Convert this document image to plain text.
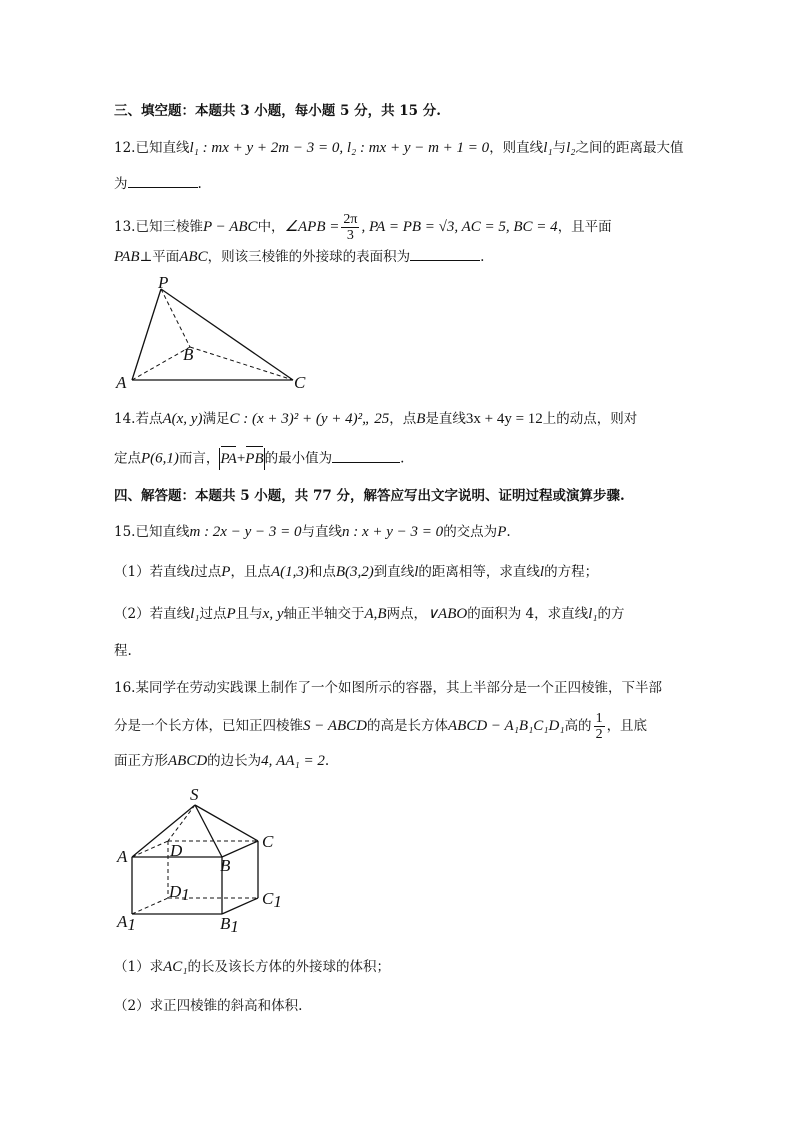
三、填空题：本题共 3 小题，每小题 5 分，共 15 分.
12.已知直线l₁ : mx + y + 2m − 3 = 0, l₂ : mx + y − m + 1 = 0，则直线l₁与l₂之间的距离最大值
为	.
13.已知三棱锥P − ABC中，∠APB = $\frac{2\pi}{3}$ , PA = PB = √3, AC = 5, BC = 4，且平面
PAB⊥平面ABC，则该三棱锥的外接球的表面积为	.
P
A
B
C
14.若点A(x, y)满足C : (x + 3)² + (y + 4)²„ 25，点B是直线3x + 4y = 12上的动点，则对
定点P(6,1)而言，PA+PB的最小值为	.
四、解答题：本题共 5 小题，共 77 分，解答应写出文字说明、证明过程或演算步骤.
15.已知直线m : 2x − y − 3 = 0与直线n : x + y − 3 = 0的交点为P.
（1）若直线l过点P，且点A(1,3)和点B(3,2)到直线l的距离相等，求直线l的方程；
（2）若直线l₁过点P且与x, y轴正半轴交于A,B两点，∨ABO的面积为 4，求直线l₁的方
程.
16.某同学在劳动实践课上制作了一个如图所示的容器，其上半部分是一个正四棱锥，下半部
分是一个长方体，已知正四棱锥S − ABCD的高是长方体ABCD − A₁B₁C₁D₁高的 $\frac{1}{2}$ ，且底
面正方形ABCD的边长为4, AA₁ = 2.
S
A	D
B
C
D1	C1
A1	B1
（1）求AC₁的长及该长方体的外接球的体积；
（2）求正四棱锥的斜高和体积.
